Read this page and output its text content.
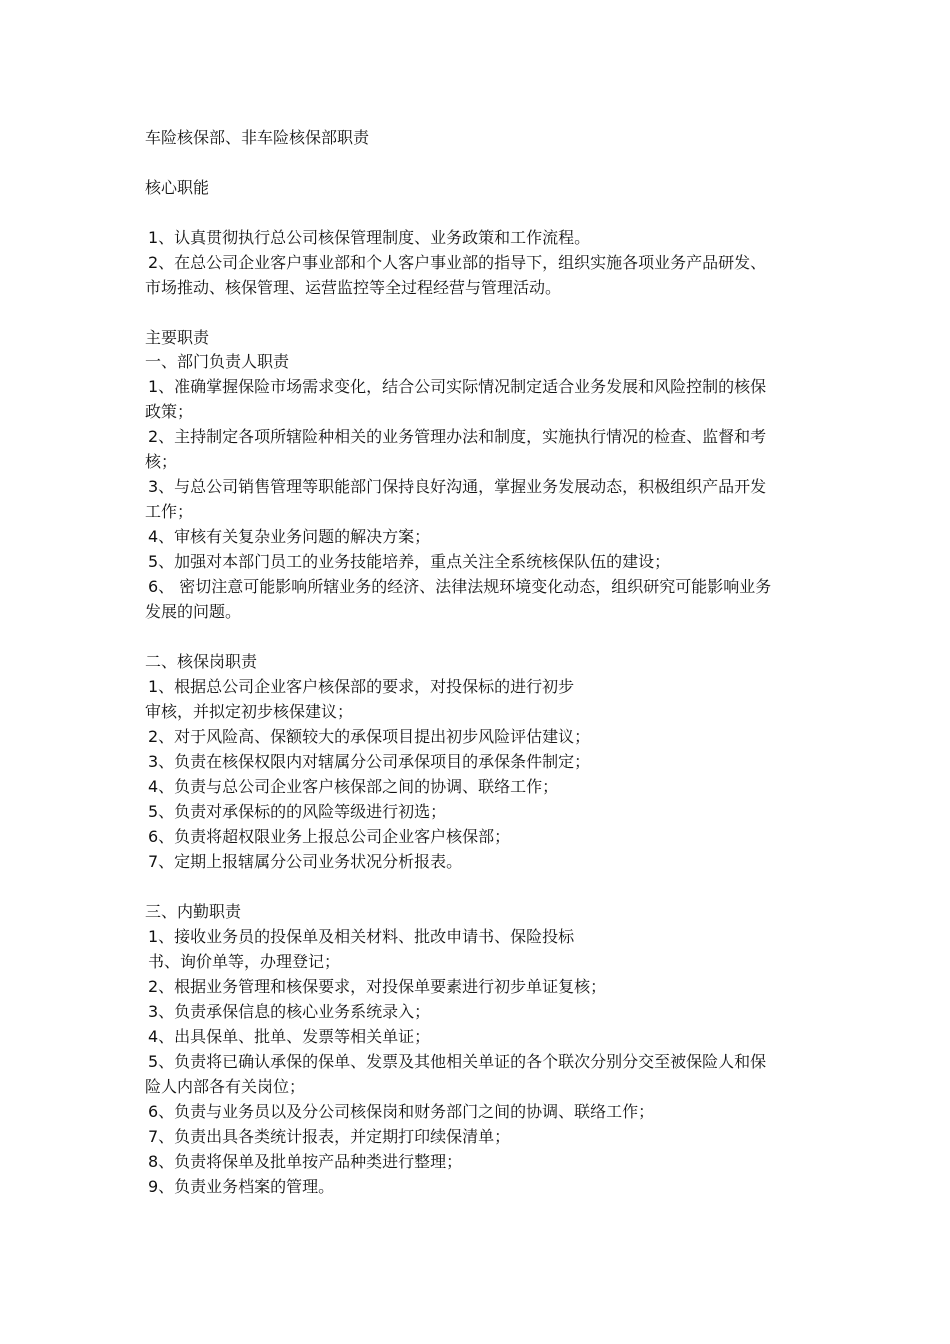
车险核保部、非车险核保部职责

核心职能

1、认真贯彻执行总公司核保管理制度、业务政策和工作流程。

2、在总公司企业客户事业部和个人客户事业部的指导下，组织实施各项业务产品研发、

市场推动、核保管理、运营监控等全过程经营与管理活动。

主要职责

一、部门负责人职责

1、准确掌握保险市场需求变化，结合公司实际情况制定适合业务发展和风险控制的核保

政策；

2、主持制定各项所辖险种相关的业务管理办法和制度，实施执行情况的检查、监督和考

核；

3、与总公司销售管理等职能部门保持良好沟通，掌握业务发展动态，积极组织产品开发

工作；

4、审核有关复杂业务问题的解决方案；

5、加强对本部门员工的业务技能培养，重点关注全系统核保队伍的建设；

6、 密切注意可能影响所辖业务的经济、法律法规环境变化动态，组织研究可能影响业务

发展的问题。

二、核保岗职责

1、根据总公司企业客户核保部的要求，对投保标的进行初步

审核，并拟定初步核保建议；

2、对于风险高、保额较大的承保项目提出初步风险评估建议；

3、负责在核保权限内对辖属分公司承保项目的承保条件制定；

4、负责与总公司企业客户核保部之间的协调、联络工作；

5、负责对承保标的的风险等级进行初选；

6、负责将超权限业务上报总公司企业客户核保部；

7、定期上报辖属分公司业务状况分析报表。

三、内勤职责

1、接收业务员的投保单及相关材料、批改申请书、保险投标

书、询价单等，办理登记；

2、根据业务管理和核保要求，对投保单要素进行初步单证复核；

3、负责承保信息的核心业务系统录入；

4、出具保单、批单、发票等相关单证；

5、负责将已确认承保的保单、发票及其他相关单证的各个联次分别分交至被保险人和保

险人内部各有关岗位；

6、负责与业务员以及分公司核保岗和财务部门之间的协调、联络工作；

7、负责出具各类统计报表，并定期打印续保清单；

8、负责将保单及批单按产品种类进行整理；

9、负责业务档案的管理。
